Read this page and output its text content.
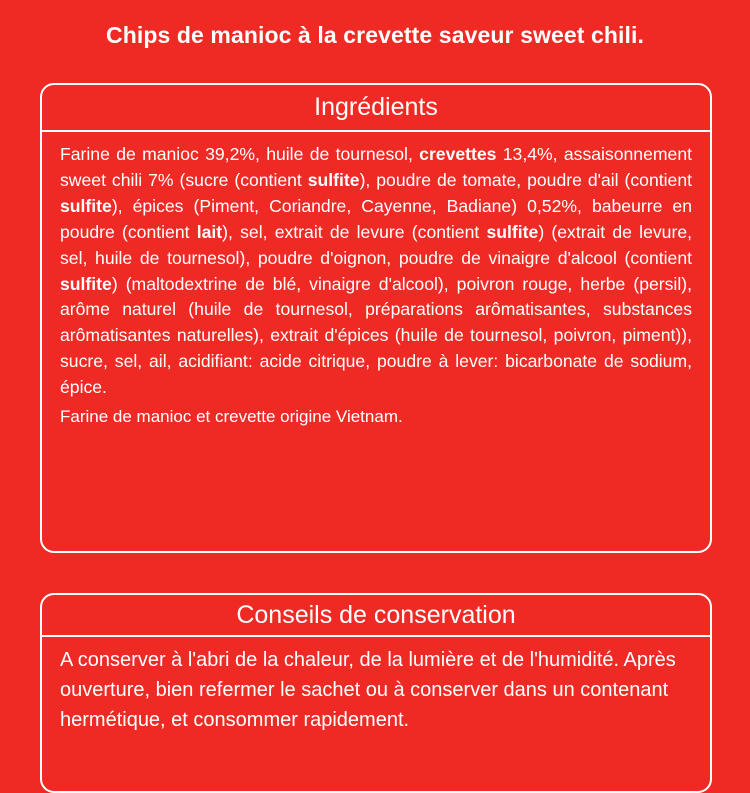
Chips de manioc à la crevette saveur sweet chili.
Ingrédients
Farine de manioc 39,2%, huile de tournesol, crevettes 13,4%, assaisonnement sweet chili 7% (sucre (contient sulfite), poudre de tomate, poudre d'ail (contient sulfite), épices (Piment, Coriandre, Cayenne, Badiane) 0,52%, babeurre en poudre (contient lait), sel, extrait de levure (contient sulfite) (extrait de levure, sel, huile de tournesol), poudre d'oignon, poudre de vinaigre d'alcool (contient sulfite) (maltodextrine de blé, vinaigre d'alcool), poivron rouge, herbe (persil), arôme naturel (huile de tournesol, préparations arômatisantes, substances arômatisantes naturelles), extrait d'épices (huile de tournesol, poivron, piment)), sucre, sel, ail, acidifiant: acide citrique, poudre à lever: bicarbonate de sodium, épice.
Farine de manioc et crevette origine Vietnam.
Conseils de conservation
A conserver à l'abri de la chaleur, de la lumière et de l'humidité. Après ouverture, bien refermer le sachet ou à conserver dans un contenant hermétique, et consommer rapidement.
